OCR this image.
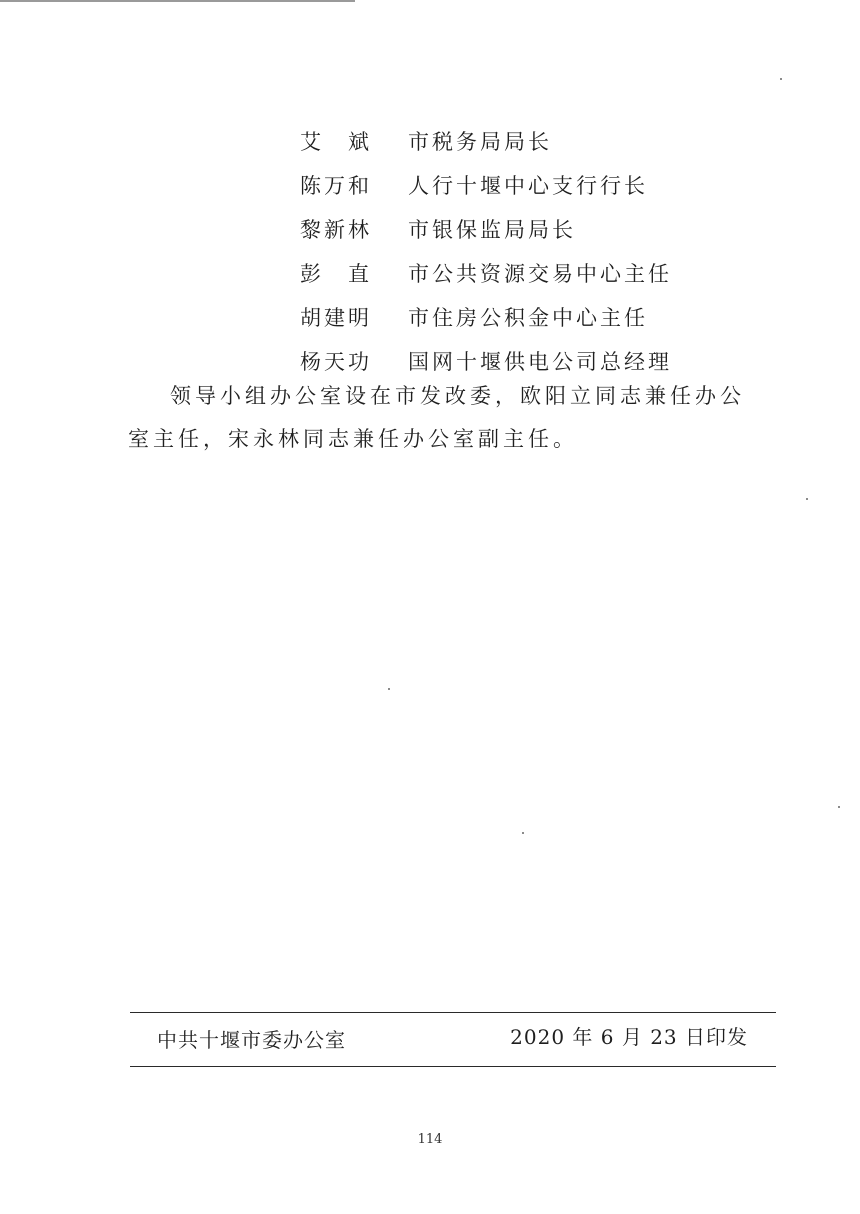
艾　斌	市税务局局长
陈万和	人行十堰中心支行行长
黎新林	市银保监局局长
彭　直	市公共资源交易中心主任
胡建明	市住房公积金中心主任
杨天功	国网十堰供电公司总经理

领导小组办公室设在市发改委，欧阳立同志兼任办公室主任，宋永林同志兼任办公室副主任。

中共十堰市委办公室	2020 年 6 月 23 日印发
114
